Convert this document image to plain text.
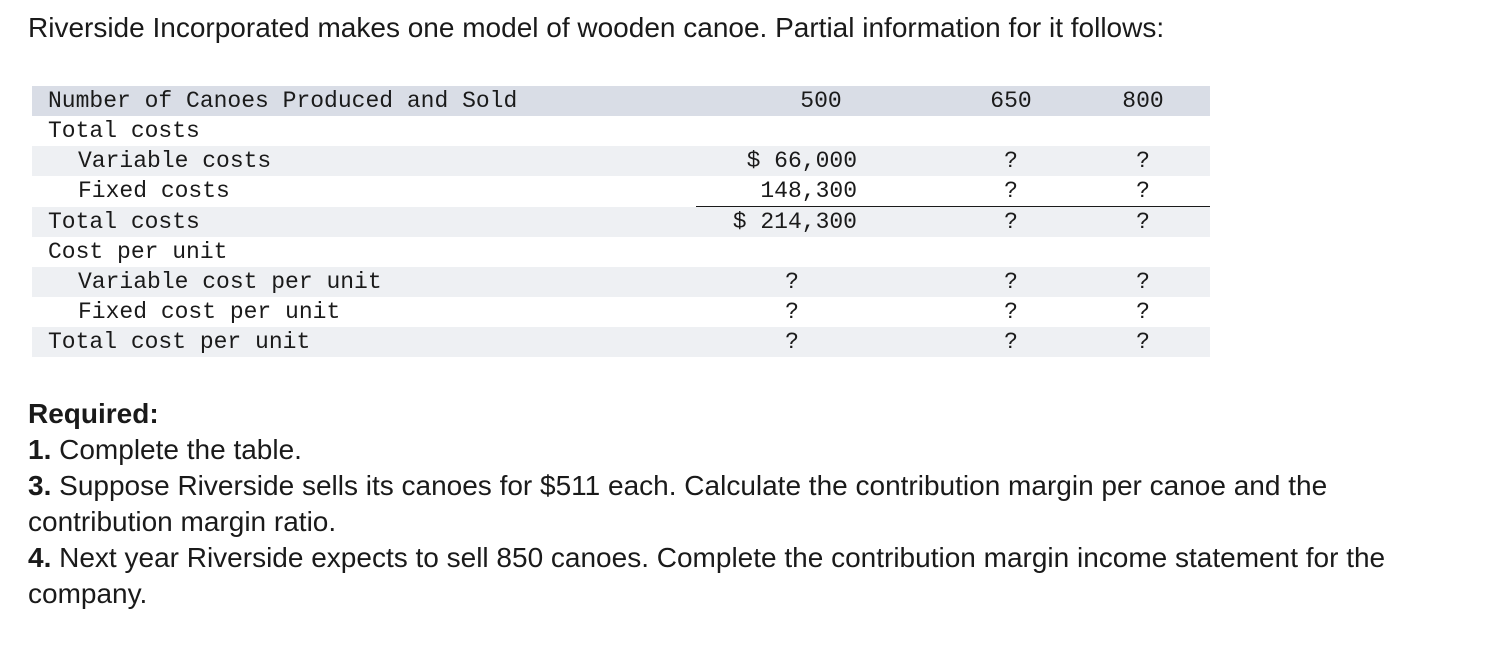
Riverside Incorporated makes one model of wooden canoe. Partial information for it follows:

Number of Canoes Produced and Sold	500	650	800
Total costs			
Variable costs	$ 66,000	?	?
Fixed costs	148,300	?	?
Total costs	$ 214,300	?	?
Cost per unit			
Variable cost per unit	?	?	?
Fixed cost per unit	?	?	?
Total cost per unit	?	?	?

Required:

1. Complete the table.

3. Suppose Riverside sells its canoes for $511 each. Calculate the contribution margin per canoe and the contribution margin ratio.

4. Next year Riverside expects to sell 850 canoes. Complete the contribution margin income statement for the company.
